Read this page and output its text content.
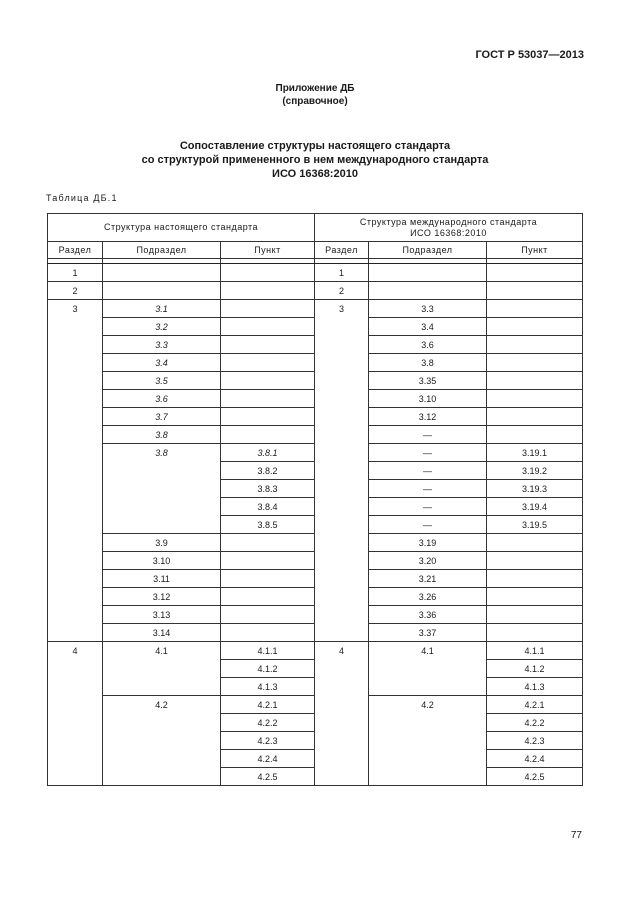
ГОСТ Р 53037—2013
Приложение ДБ
(справочное)
Сопоставление структуры настоящего стандарта
со структурой примененного в нем международного стандарта
ИСО 16368:2010
Таблица ДБ.1
Структура настоящего стандарта			Структура международного стандарта
ИСО 16368:2010		
Раздел	Подраздел	Пункт	Раздел	Подраздел	Пункт

1			1		
2			2		
3	3.1		3	3.3	
	3.2			3.4	
	3.3			3.6	
	3.4			3.8	
	3.5			3.35	
	3.6			3.10	
	3.7			3.12	
	3.8			—	
	3.8	3.8.1		—	3.19.1
		3.8.2		—	3.19.2
		3.8.3		—	3.19.3
		3.8.4		—	3.19.4
		3.8.5		—	3.19.5
	3.9			3.19	
	3.10			3.20	
	3.11			3.21	
	3.12			3.26	
	3.13			3.36	
	3.14			3.37	
4	4.1	4.1.1	4	4.1	4.1.1
		4.1.2			4.1.2
		4.1.3			4.1.3
	4.2	4.2.1		4.2	4.2.1
		4.2.2			4.2.2
		4.2.3			4.2.3
		4.2.4			4.2.4
		4.2.5			4.2.5
77
